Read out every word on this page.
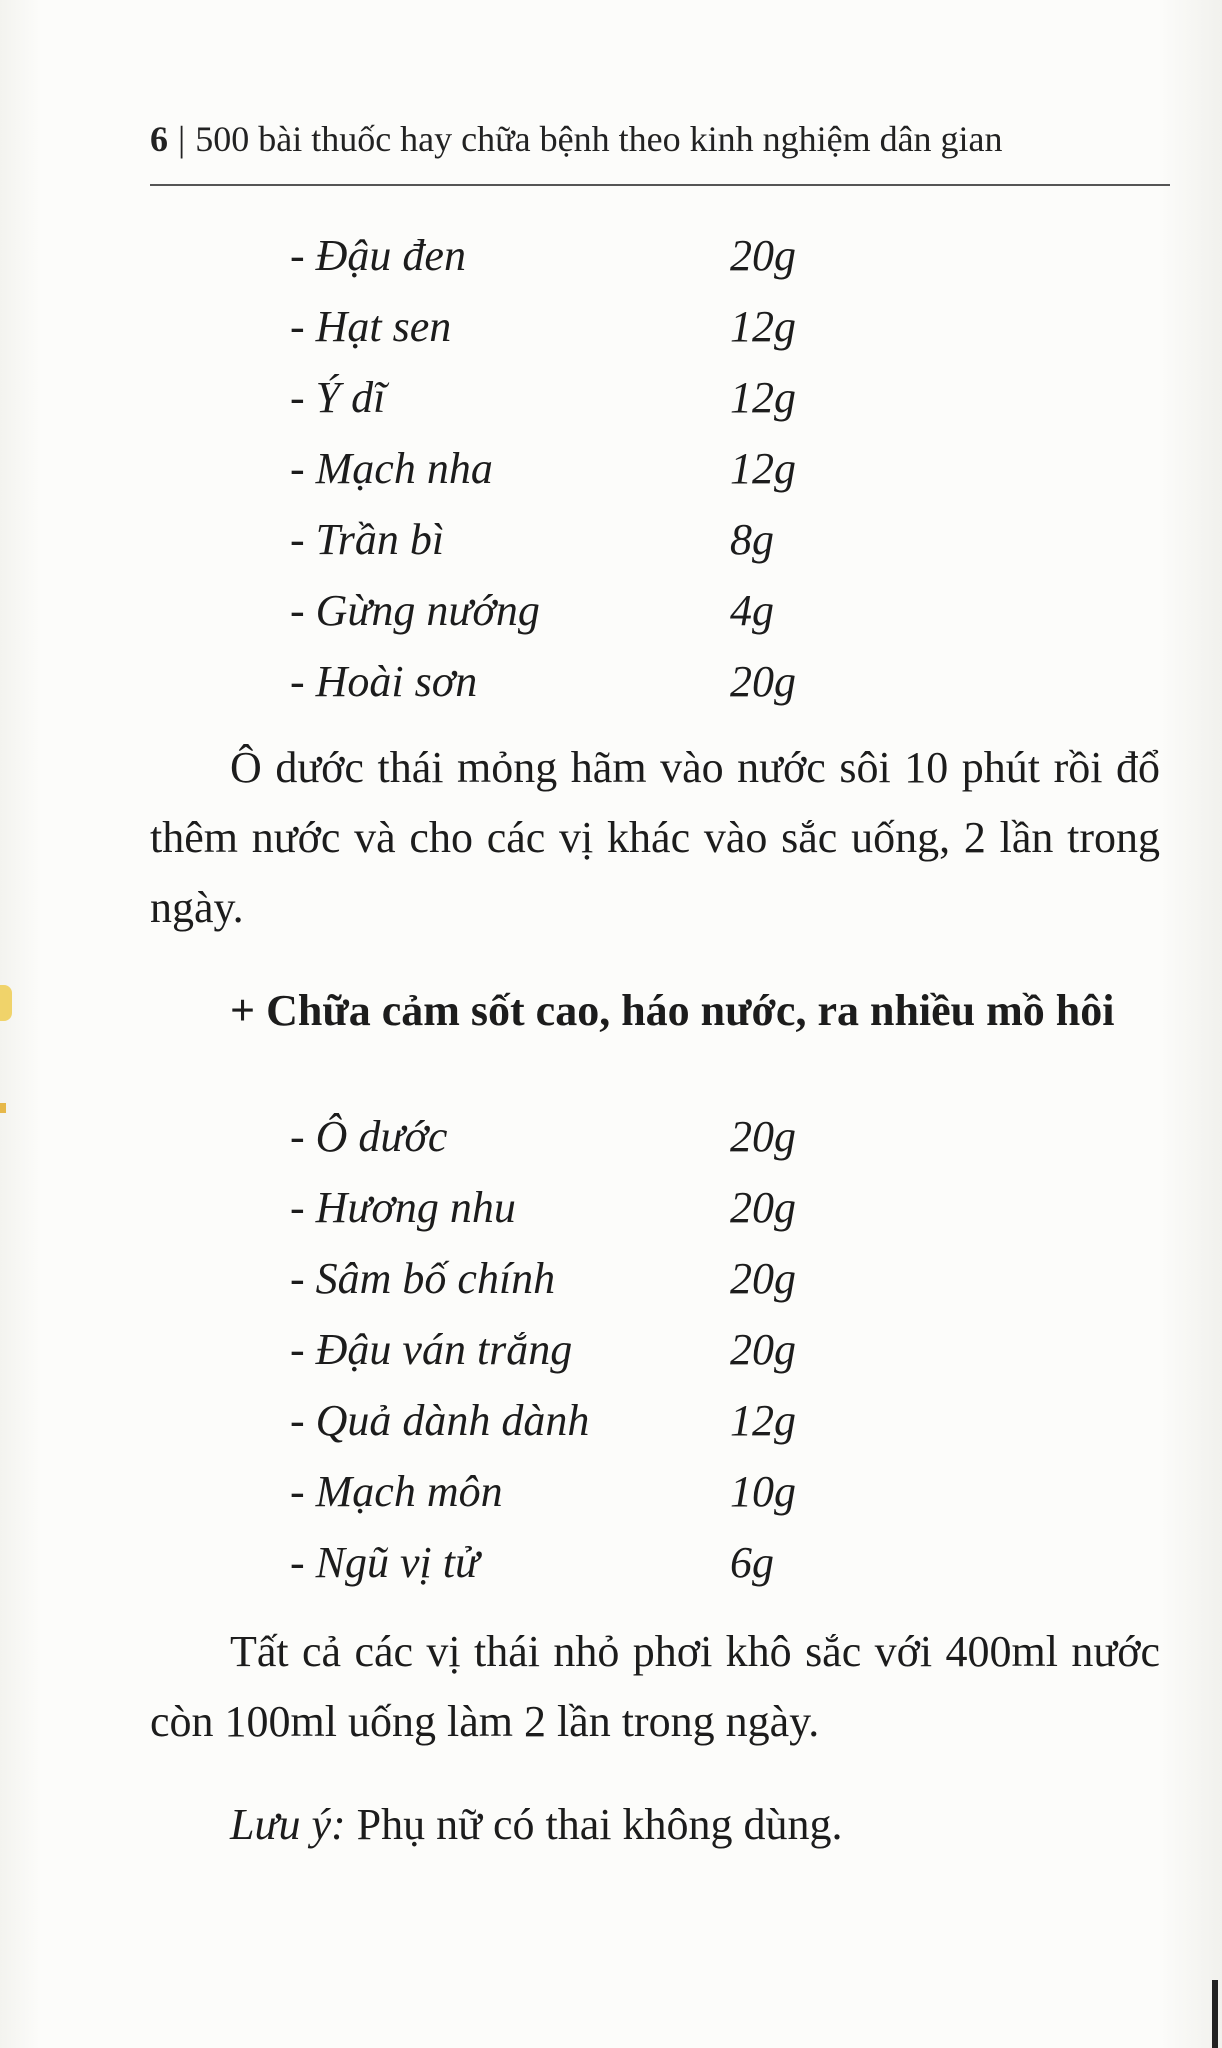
6 | 500 bài thuốc hay chữa bệnh theo kinh nghiệm dân gian
- Đậu đen	20g
- Hạt sen	12g
- Ý dĩ	12g
- Mạch nha	12g
- Trần bì	8g
- Gừng nướng	4g
- Hoài sơn	20g
Ô dước thái mỏng hãm vào nước sôi 10 phút rồi đổ thêm nước và cho các vị khác vào sắc uống, 2 lần trong ngày.
+ Chữa cảm sốt cao, háo nước, ra nhiều mồ hôi
- Ô dước	20g
- Hương nhu	20g
- Sâm bố chính	20g
- Đậu ván trắng	20g
- Quả dành dành	12g
- Mạch môn	10g
- Ngũ vị tử	6g
Tất cả các vị thái nhỏ phơi khô sắc với 400ml nước còn 100ml uống làm 2 lần trong ngày.
Lưu ý: Phụ nữ có thai không dùng.
